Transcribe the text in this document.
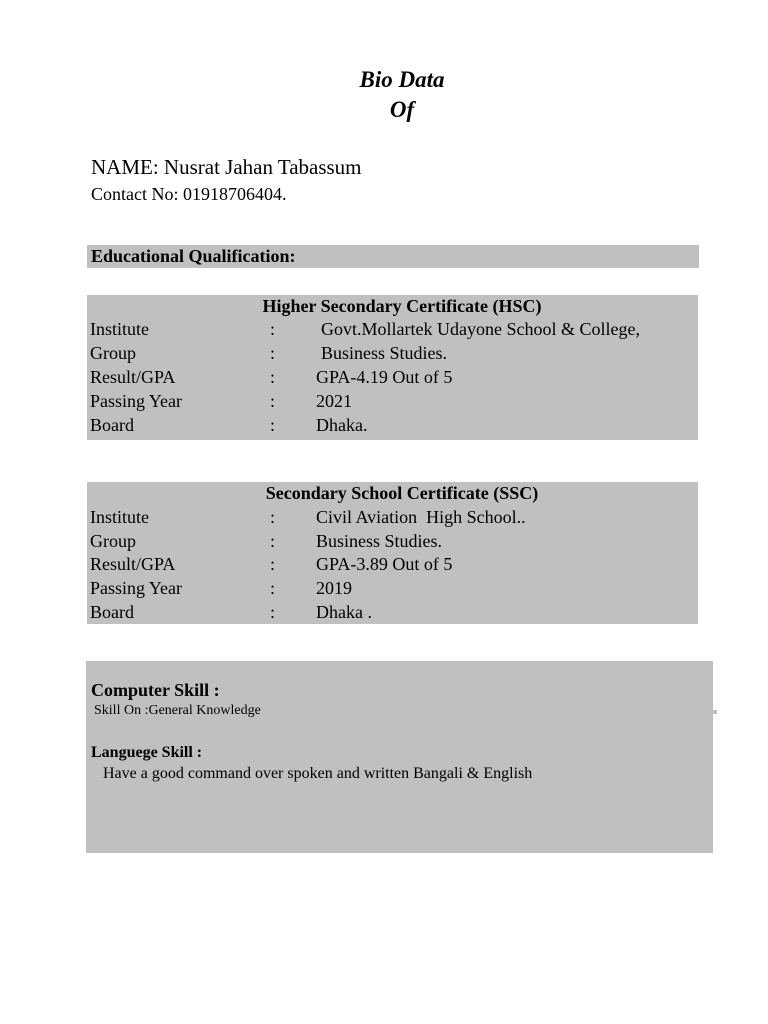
Bio Data
Of
NAME: Nusrat Jahan Tabassum
Contact No: 01918706404.
Educational Qualification:
Higher Secondary Certificate (HSC)
Institute	:	Govt.Mollartek Udayone School & College,
Group	:	Business Studies.
Result/GPA	: GPA-4.19 Out of 5
Passing Year	: 2021
Board	: Dhaka.
Secondary School Certificate (SSC)
Institute	: Civil Aviation  High School..
Group	: Business Studies.
Result/GPA	: GPA-3.89 Out of 5
Passing Year	: 2019
Board	: Dhaka .
Computer Skill :
Skill On :General Knowledge
Languege Skill :
Have a good command over spoken and written Bangali & English
